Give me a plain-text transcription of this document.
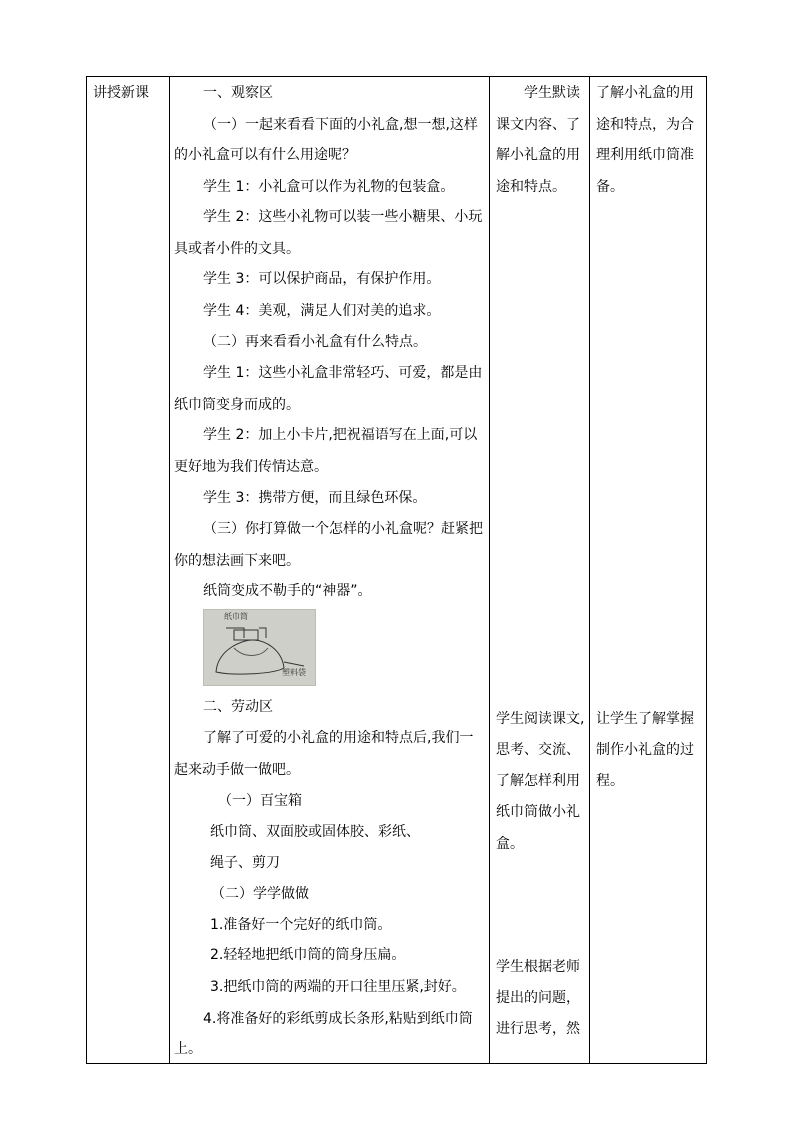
讲授新课	一、观察区
（一）一起来看看下面的小礼盒,想一想,这样
的小礼盒可以有什么用途呢？
学生 1：小礼盒可以作为礼物的包装盒。
学生 2：这些小礼物可以装一些小糖果、小玩
具或者小件的文具。
学生 3：可以保护商品，有保护作用。
学生 4：美观，满足人们对美的追求。
（二）再来看看小礼盒有什么特点。
学生 1：这些小礼盒非常轻巧、可爱，都是由
纸巾筒变身而成的。
学生 2：加上小卡片,把祝福语写在上面,可以
更好地为我们传情达意。
学生 3：携带方便，而且绿色环保。
（三）你打算做一个怎样的小礼盒呢？赶紧把
你的想法画下来吧。
纸筒变成不勒手的“神器”。
纸巾筒
塑料袋
二、劳动区
了解了可爱的小礼盒的用途和特点后,我们一
起来动手做一做吧。
（一）百宝箱
纸巾筒、双面胶或固体胶、彩纸、
绳子、剪刀
（二）学学做做
1.准备好一个完好的纸巾筒。
2.轻轻地把纸巾筒的筒身压扁。
3.把纸巾筒的两端的开口往里压紧,封好。
4.将准备好的彩纸剪成长条形,粘贴到纸巾筒
上。
学生默读
课文内容、了
解小礼盒的用
途和特点。
学生阅读课文,
思考、交流、
了解怎样利用
纸巾筒做小礼
盒。
学生根据老师
提出的问题，
进行思考，然
了解小礼盒的用
途和特点，为合
理利用纸巾筒准
备。
让学生了解掌握
制作小礼盒的过
程。
